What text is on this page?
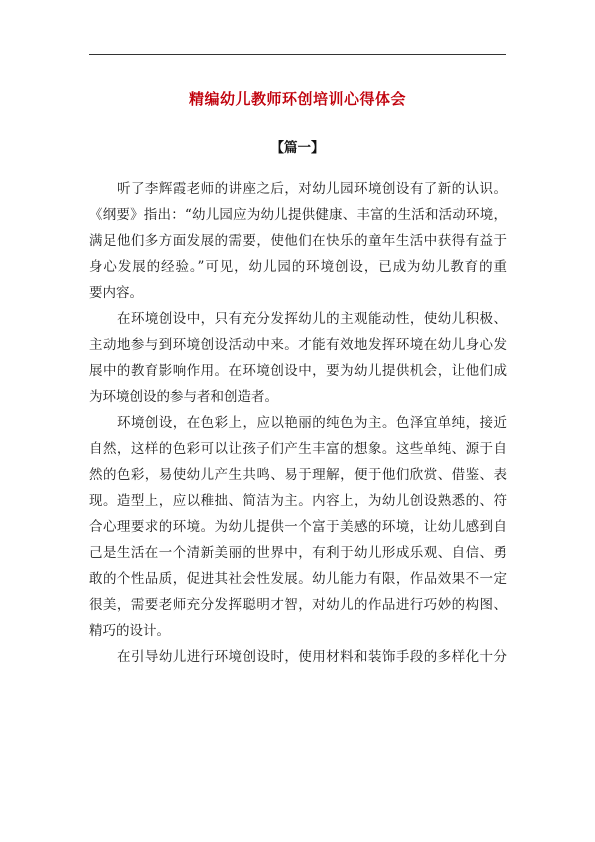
精编幼儿教师环创培训心得体会
【篇一】
听了李辉霞老师的讲座之后，对幼儿园环境创设有了新的认识。
《纲要》指出：“幼儿园应为幼儿提供健康、丰富的生活和活动环境，
满足他们多方面发展的需要，使他们在快乐的童年生活中获得有益于
身心发展的经验。”可见，幼儿园的环境创设，已成为幼儿教育的重
要内容。
在环境创设中，只有充分发挥幼儿的主观能动性，使幼儿积极、
主动地参与到环境创设活动中来。才能有效地发挥环境在幼儿身心发
展中的教育影响作用。在环境创设中，要为幼儿提供机会，让他们成
为环境创设的参与者和创造者。
环境创设，在色彩上，应以艳丽的纯色为主。色泽宜单纯，接近
自然，这样的色彩可以让孩子们产生丰富的想象。这些单纯、源于自
然的色彩，易使幼儿产生共鸣、易于理解，便于他们欣赏、借鉴、表
现。造型上，应以稚拙、简洁为主。内容上，为幼儿创设熟悉的、符
合心理要求的环境。为幼儿提供一个富于美感的环境，让幼儿感到自
己是生活在一个清新美丽的世界中，有利于幼儿形成乐观、自信、勇
敢的个性品质，促进其社会性发展。幼儿能力有限，作品效果不一定
很美，需要老师充分发挥聪明才智，对幼儿的作品进行巧妙的构图、
精巧的设计。
在引导幼儿进行环境创设时，使用材料和装饰手段的多样化十分
